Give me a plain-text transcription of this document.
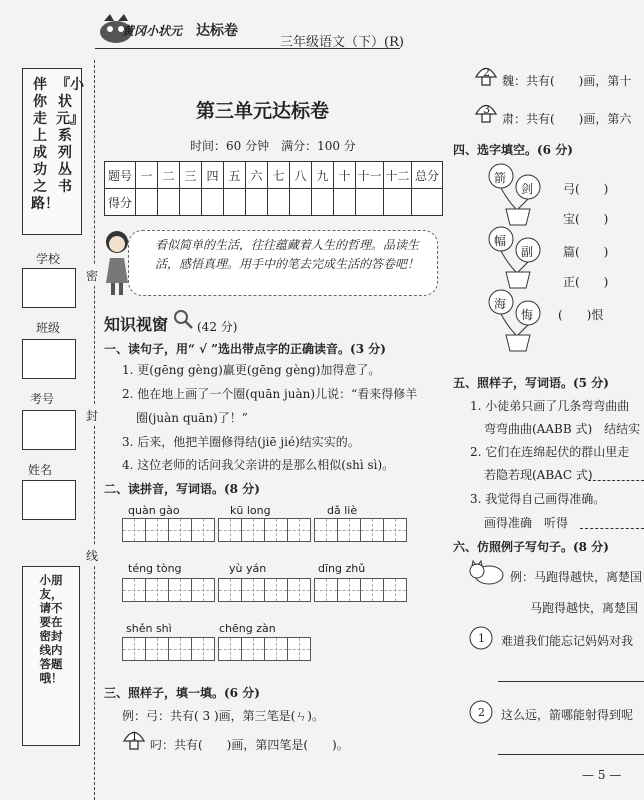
黄冈小状元 达标卷
三年级语文（下）(R)
『小状元』系列丛书
伴你走上成功之路！
学校
班级
考号
姓名
密
封
线
小朋友，请不要在密封线内答题哦！
第三单元达标卷
时间：60 分钟　满分：100 分
题号	一	二	三	四	五	六	七	八	九	十	十一	十二	总分
得分													
看似简单的生活，往往蕴藏着人生的哲理。品读生活，感悟真理。用手中的笔去完成生活的答卷吧！
知识视窗 (42 分)
一、读句子，用“ √ ”选出带点字的正确读音。(3 分)
1. 更(gēng gèng)赢更(gēng gèng)加得意了。
2. 他在地上画了一个圈(quān juàn)儿说：“看来得修羊
圈(juàn quān)了！”
3. 后来，他把羊圈修得结(jiē jié)结实实的。
4. 这位老师的话问我父亲讲的是那么相似(shì sì)。
二、读拼音，写词语。(8 分)
quàn gào	kū long	dǎ liè
téng tòng	yù yán	dīng zhǔ
shěn shì	chēng zàn
三、照样子，填一填。(6 分)
例：弓：共有( 3 )画，第三笔是(ㄣ)。
1
叼：共有(　　)画，第四笔是(　　)。
2
魏：共有(　　)画，第十
3
肃：共有(　　)画，第六
四、选字填空。(6 分)
箭
剑 弓(　　)
宝(　　)
幅
副 篇(　　)
正(　　)
海
悔 (　　)恨
五、照样子，写词语。(5 分)
1. 小徒弟只画了几条弯弯曲曲
弯弯曲曲(AABB 式)　结结实
2. 它们在连绵起伏的群山里走
若隐若现(ABAC 式)
3. 我觉得自己画得准确。
画得准确　听得
六、仿照例子写句子。(8 分)
例：马跑得越快，离楚国
马跑得越快，离楚国
1 难道我们能忘记妈妈对我
2 这么远，箭哪能射得到呢
— 5 —
